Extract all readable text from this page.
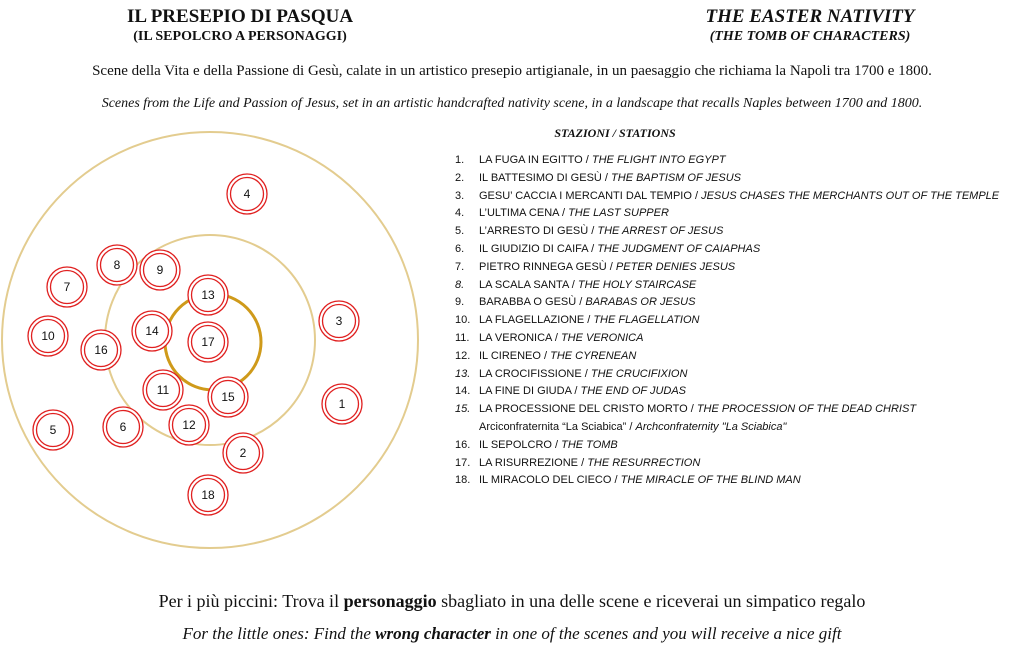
IL PRESEPIO DI PASQUA
(IL SEPOLCRO A PERSONAGGI)
THE EASTER NATIVITY
(THE TOMB OF CHARACTERS)
Scene della Vita e della Passione di Gesù, calate in un artistico presepio artigianale, in un paesaggio che richiama la Napoli tra 1700 e 1800.
Scenes from the Life and Passion of Jesus, set in an artistic handcrafted nativity scene, in a landscape that recalls Naples between 1700 and 1800.
STAZIONI / STATIONS
1. LA FUGA IN EGITTO / THE FLIGHT INTO EGYPT
2. IL BATTESIMO DI GESÙ / THE BAPTISM OF JESUS
3. GESU’ CACCIA I MERCANTI DAL TEMPIO / JESUS CHASES THE MERCHANTS OUT OF THE TEMPLE
4. L’ULTIMA CENA / THE LAST SUPPER
5. L’ARRESTO DI GESÙ / THE ARREST OF JESUS
6. IL GIUDIZIO DI CAIFA / THE JUDGMENT OF CAIAPHAS
7. PIETRO RINNEGA GESÙ / PETER DENIES JESUS
8. LA SCALA SANTA / THE HOLY STAIRCASE
9. BARABBA O GESÙ / BARABAS OR JESUS
10. LA FLAGELLAZIONE / THE FLAGELLATION
11. LA VERONICA / THE VERONICA
12. IL CIRENEO / THE CYRENEAN
13. LA CROCIFISSIONE / THE CRUCIFIXION
14. LA FINE DI GIUDA / THE END OF JUDAS
15. LA PROCESSIONE DEL CRISTO MORTO / THE PROCESSION OF THE DEAD CHRIST
Arciconfraternita “La Sciabica” / Archconfraternity "La Sciabica"
16. IL SEPOLCRO / THE TOMB
17. LA RISURREZIONE / THE RESURRECTION
18. IL MIRACOLO DEL CIECO / THE MIRACLE OF THE BLIND MAN
1
2
3
4
5	6
7
8	9
10
11
12
13
14
15
16
17
18
Per i più piccini: Trova il personaggio sbagliato in una delle scene e riceverai un simpatico regalo
For the little ones: Find the wrong character in one of the scenes and you will receive a nice gift
